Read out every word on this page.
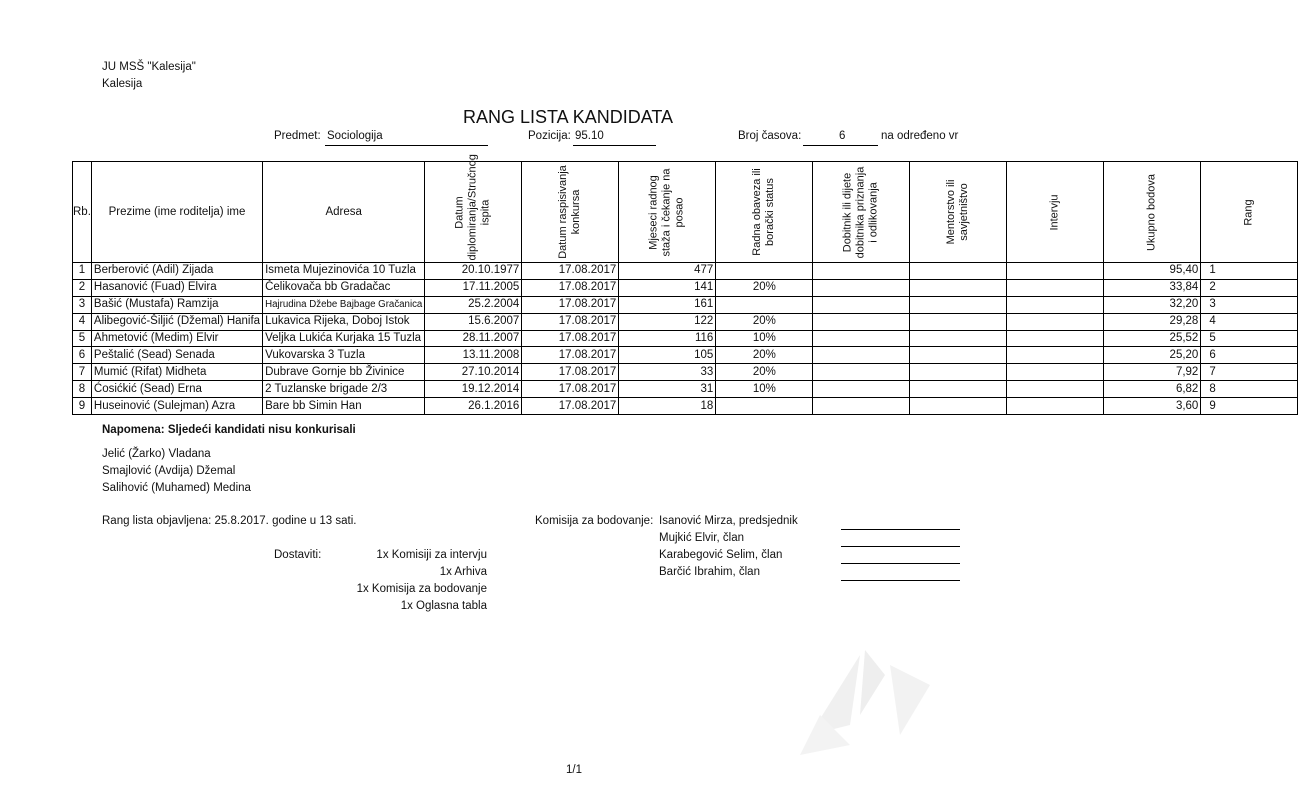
JU MSŠ "Kalesija"
Kalesija
RANG LISTA KANDIDATA
Predmet: Sociologija	Pozicija: 95.10	Broj časova:	6	na određeno vr
Rb.	Prezime (ime roditelja) ime	Adresa	Datum diplomiranja/Stručnog ispita	Datum raspisivanja konkursa	Mjeseci radnog staža i čekanje na posao	Radna obaveza ili borački status	Dobitnik ili dijete dobitnika priznanja i odlikovanja	Mentorstvo ili savjetništvo	Intervju	Ukupno bodova	Rang

1	Berberović (Adil) Zijada	Ismeta Mujezinovića 10 Tuzla	20.10.1977	17.08.2017	477					95,40	1
2	Hasanović (Fuad) Elvira	Čelikovača bb Gradačac	17.11.2005	17.08.2017	141	20%				33,84	2
3	Bašić (Mustafa) Ramzija	Hajrudina Džebe Bajbage Gračanica	25.2.2004	17.08.2017	161					32,20	3
4	Alibegović-Šiljić (Džemal) Hanifa	Lukavica Rijeka, Doboj Istok	15.6.2007	17.08.2017	122	20%				29,28	4
5	Ahmetović (Medim) Elvir	Veljka Lukića Kurjaka 15 Tuzla	28.11.2007	17.08.2017	116	10%				25,52	5
6	Peštalić (Sead) Senada	Vukovarska 3 Tuzla	13.11.2008	17.08.2017	105	20%				25,20	6
7	Mumić (Rifat) Midheta	Dubrave Gornje bb Živinice	27.10.2014	17.08.2017	33	20%				7,92	7
8	Ćosićkić (Sead) Erna	2 Tuzlanske brigade 2/3	19.12.2014	17.08.2017	31	10%				6,82	8
9	Huseinović (Sulejman) Azra	Bare bb Simin Han	26.1.2016	17.08.2017	18					3,60	9
Napomena: Sljedeći kandidati nisu konkurisali
Jelić (Žarko) Vladana
Smajlović (Avdija) Džemal
Salihović (Muhamed) Medina
Rang lista objavljena: 25.8.2017. godine u 13 sati.
Dostaviti:	1x Komisiji za intervju
1x Arhiva
1x Komisija za bodovanje
1x Oglasna tabla
Komisija za bodovanje: Isanović Mirza, predsjednik
Mujkić Elvir, član
Karabegović Selim, član
Barčić Ibrahim, član
1/1
